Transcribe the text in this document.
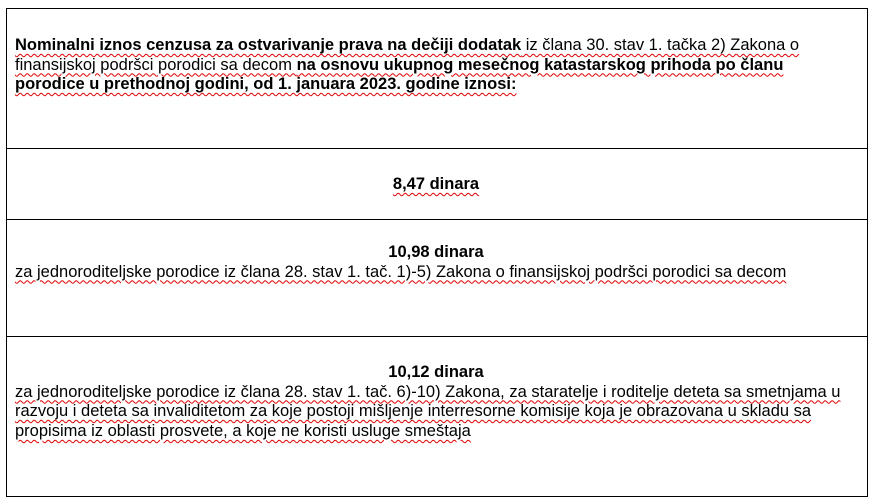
Nominalni iznos cenzusa za ostvarivanje prava na dečiji dodatak iz člana 30. stav 1. tačka 2) Zakona o finansijskoj podršci porodici sa decom na osnovu ukupnog mesečnog katastarskog prihoda po članu porodice u prethodnoj godini, od 1. januara 2023. godine iznosi:
8,47 dinara

10,98 dinara
za jednoroditeljske porodice iz člana 28. stav 1. tač. 1)-5) Zakona o finansijskoj podršci porodici sa decom

10,12 dinara
za jednoroditeljske porodice iz člana 28. stav 1. tač. 6)-10) Zakona, za staratelje i roditelje deteta sa smetnjama u razvoju i deteta sa invaliditetom za koje postoji mišljenje interresorne komisije koja je obrazovana u skladu sa propisima iz oblasti prosvete, a koje ne koristi usluge smeštaja
